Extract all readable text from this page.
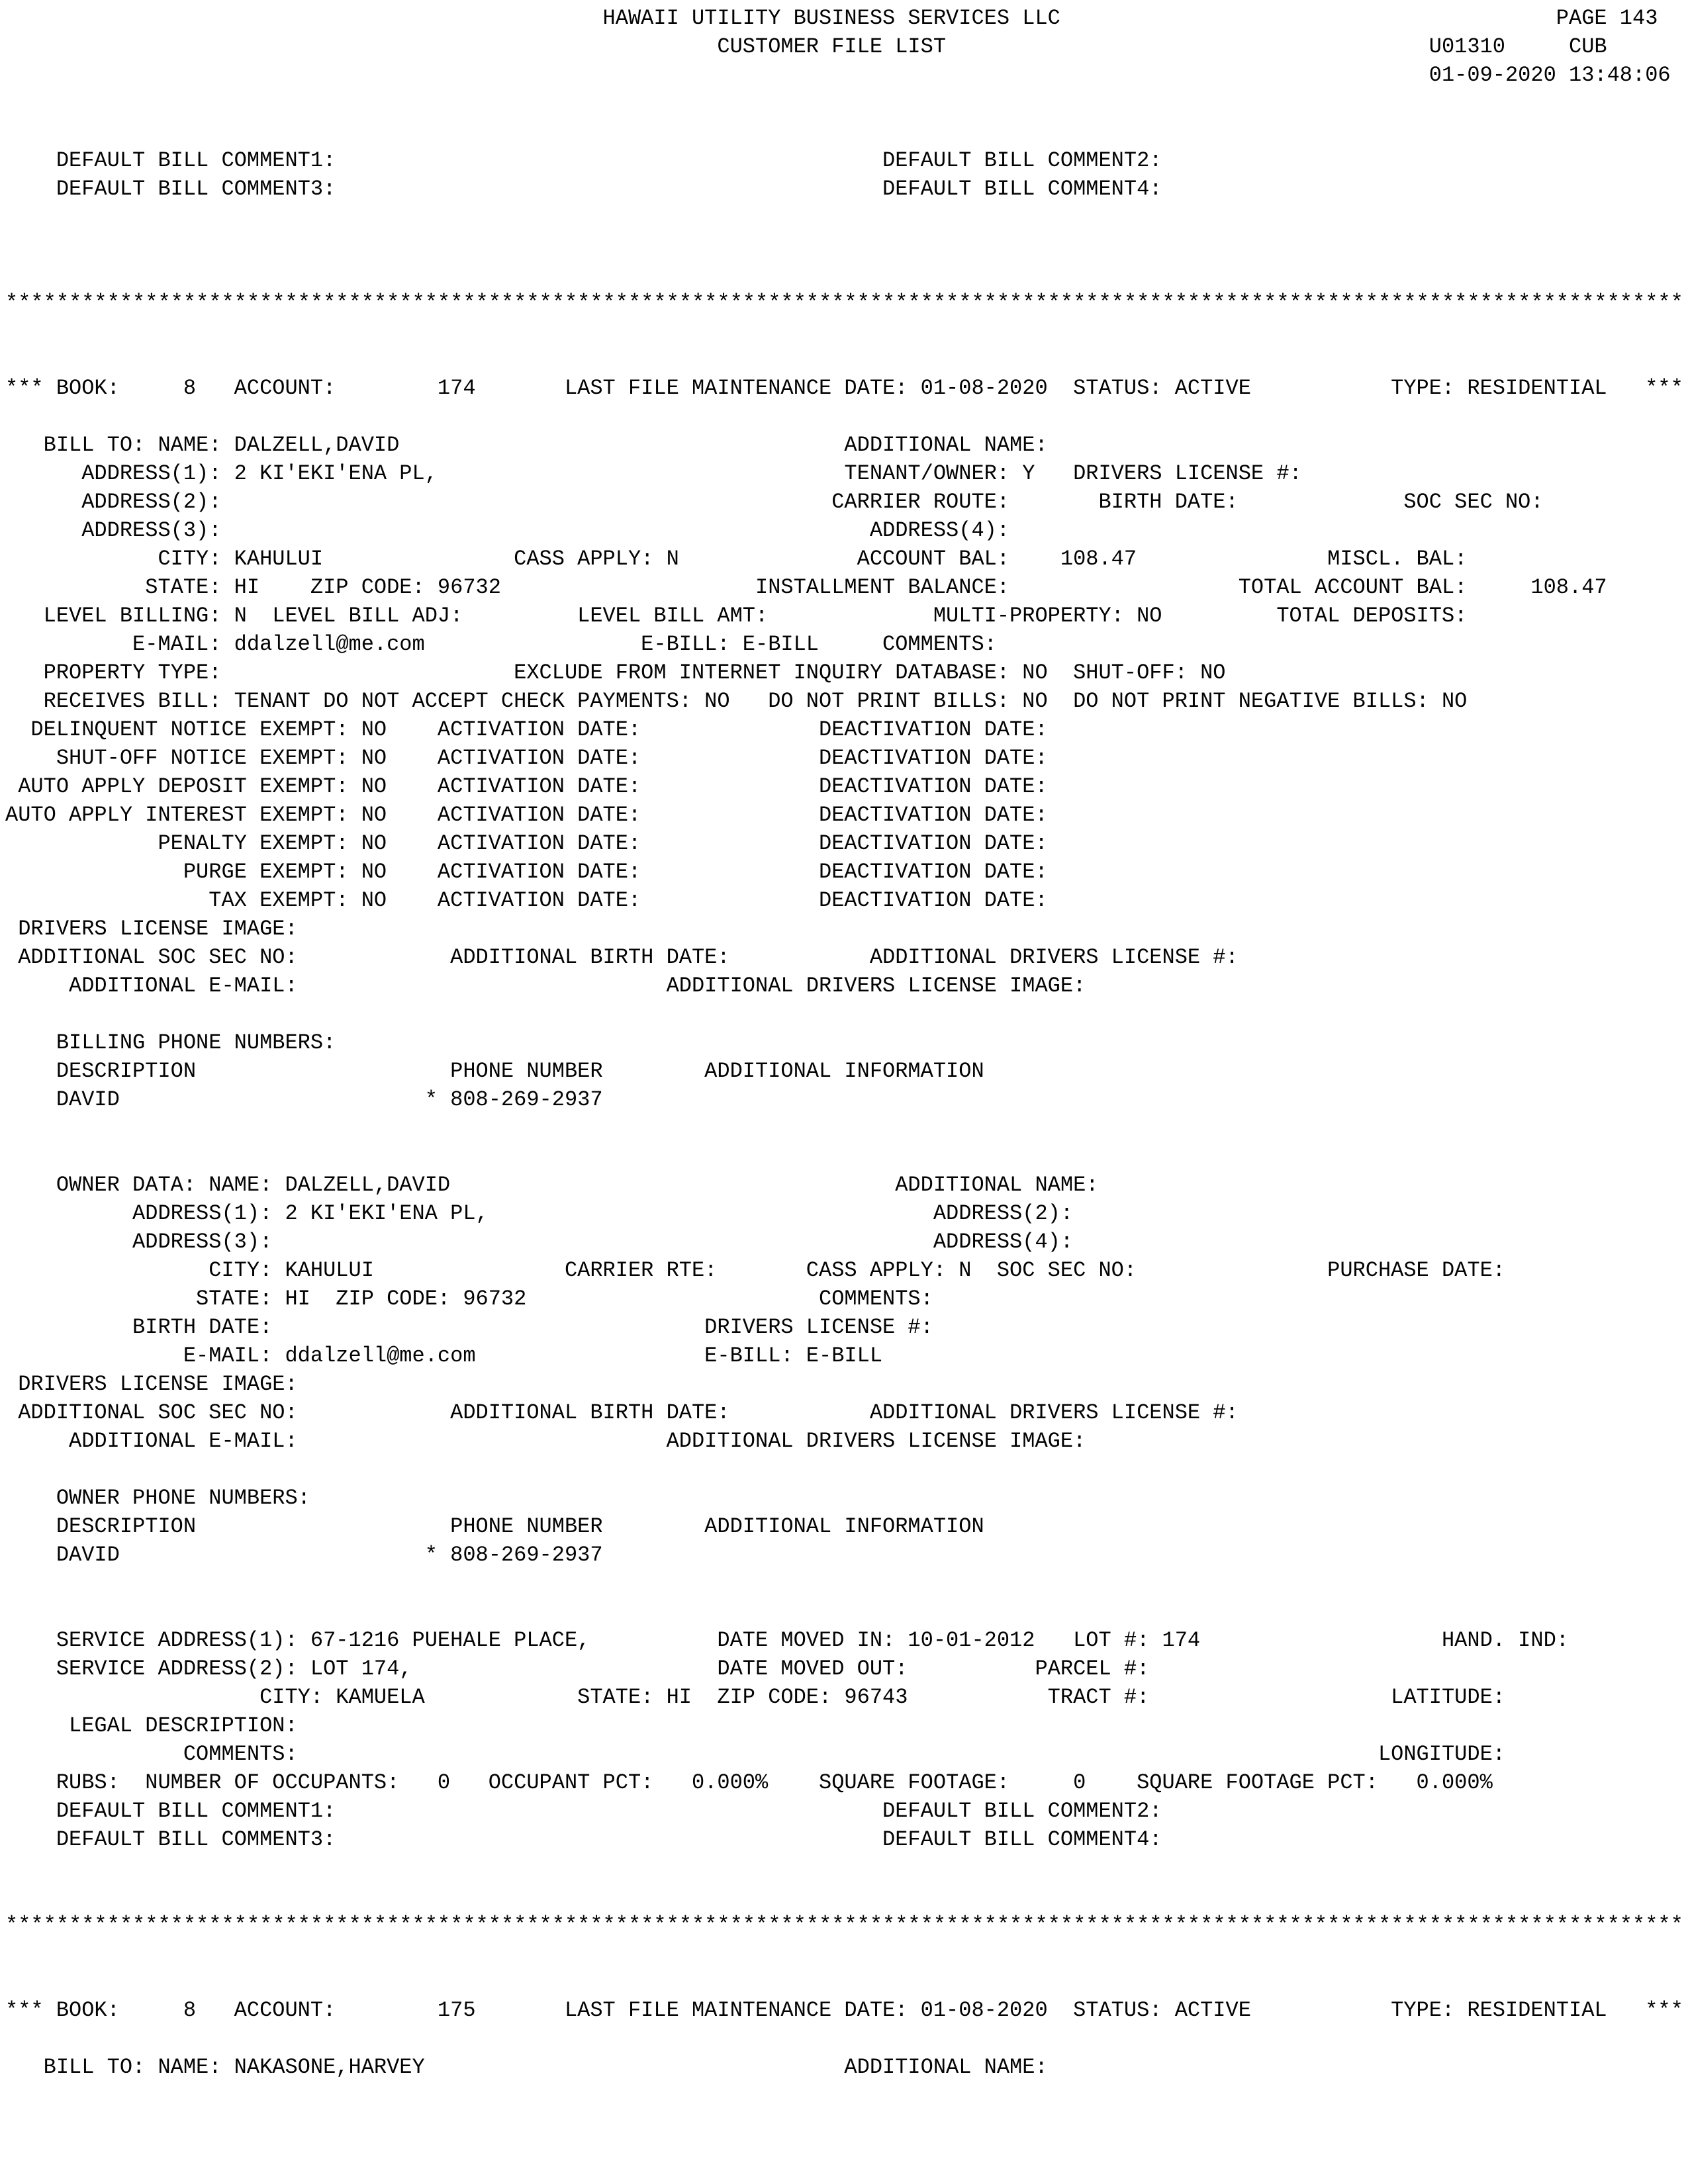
HAWAII UTILITY BUSINESS SERVICES LLC                                       PAGE 143
CUSTOMER FILE LIST                                      U01310     CUB
01-09-2020 13:48:06

DEFAULT BILL COMMENT1:                                           DEFAULT BILL COMMENT2:
DEFAULT BILL COMMENT3:                                           DEFAULT BILL COMMENT4:

************************************************************************************************************************************

*** BOOK:     8   ACCOUNT:        174       LAST FILE MAINTENANCE DATE: 01-08-2020  STATUS: ACTIVE           TYPE: RESIDENTIAL   ***

BILL TO: NAME: DALZELL,DAVID                                   ADDITIONAL NAME:
ADDRESS(1): 2 KI'EKI'ENA PL,                                TENANT/OWNER: Y   DRIVERS LICENSE #:
ADDRESS(2):                                                CARRIER ROUTE:       BIRTH DATE:             SOC SEC NO:
ADDRESS(3):                                                   ADDRESS(4):
CITY: KAHULUI               CASS APPLY: N              ACCOUNT BAL:    108.47               MISCL. BAL:
STATE: HI    ZIP CODE: 96732                    INSTALLMENT BALANCE:                  TOTAL ACCOUNT BAL:     108.47
LEVEL BILLING: N  LEVEL BILL ADJ:         LEVEL BILL AMT:             MULTI-PROPERTY: NO         TOTAL DEPOSITS:
E-MAIL: ddalzell@me.com                 E-BILL: E-BILL     COMMENTS:
PROPERTY TYPE:                       EXCLUDE FROM INTERNET INQUIRY DATABASE: NO  SHUT-OFF: NO
RECEIVES BILL: TENANT DO NOT ACCEPT CHECK PAYMENTS: NO   DO NOT PRINT BILLS: NO  DO NOT PRINT NEGATIVE BILLS: NO
DELINQUENT NOTICE EXEMPT: NO    ACTIVATION DATE:              DEACTIVATION DATE:
SHUT-OFF NOTICE EXEMPT: NO    ACTIVATION DATE:              DEACTIVATION DATE:
AUTO APPLY DEPOSIT EXEMPT: NO    ACTIVATION DATE:              DEACTIVATION DATE:
AUTO APPLY INTEREST EXEMPT: NO    ACTIVATION DATE:              DEACTIVATION DATE:
PENALTY EXEMPT: NO    ACTIVATION DATE:              DEACTIVATION DATE:
PURGE EXEMPT: NO    ACTIVATION DATE:              DEACTIVATION DATE:
TAX EXEMPT: NO    ACTIVATION DATE:              DEACTIVATION DATE:
DRIVERS LICENSE IMAGE:
ADDITIONAL SOC SEC NO:            ADDITIONAL BIRTH DATE:           ADDITIONAL DRIVERS LICENSE #:
ADDITIONAL E-MAIL:                             ADDITIONAL DRIVERS LICENSE IMAGE:

BILLING PHONE NUMBERS:
DESCRIPTION                    PHONE NUMBER        ADDITIONAL INFORMATION
DAVID                        * 808-269-2937

OWNER DATA: NAME: DALZELL,DAVID                                   ADDITIONAL NAME:
ADDRESS(1): 2 KI'EKI'ENA PL,                                   ADDRESS(2):
ADDRESS(3):                                                    ADDRESS(4):
CITY: KAHULUI               CARRIER RTE:       CASS APPLY: N  SOC SEC NO:               PURCHASE DATE:
STATE: HI  ZIP CODE: 96732                       COMMENTS:
BIRTH DATE:                                  DRIVERS LICENSE #:
E-MAIL: ddalzell@me.com                  E-BILL: E-BILL
DRIVERS LICENSE IMAGE:
ADDITIONAL SOC SEC NO:            ADDITIONAL BIRTH DATE:           ADDITIONAL DRIVERS LICENSE #:
ADDITIONAL E-MAIL:                             ADDITIONAL DRIVERS LICENSE IMAGE:

OWNER PHONE NUMBERS:
DESCRIPTION                    PHONE NUMBER        ADDITIONAL INFORMATION
DAVID                        * 808-269-2937

SERVICE ADDRESS(1): 67-1216 PUEHALE PLACE,          DATE MOVED IN: 10-01-2012   LOT #: 174                   HAND. IND:
SERVICE ADDRESS(2): LOT 174,                        DATE MOVED OUT:          PARCEL #:
CITY: KAMUELA            STATE: HI  ZIP CODE: 96743           TRACT #:                   LATITUDE:
LEGAL DESCRIPTION:
COMMENTS:                                                                                     LONGITUDE:
RUBS:  NUMBER OF OCCUPANTS:   0   OCCUPANT PCT:   0.000%    SQUARE FOOTAGE:     0    SQUARE FOOTAGE PCT:   0.000%
DEFAULT BILL COMMENT1:                                           DEFAULT BILL COMMENT2:
DEFAULT BILL COMMENT3:                                           DEFAULT BILL COMMENT4:

************************************************************************************************************************************

*** BOOK:     8   ACCOUNT:        175       LAST FILE MAINTENANCE DATE: 01-08-2020  STATUS: ACTIVE           TYPE: RESIDENTIAL   ***

BILL TO: NAME: NAKASONE,HARVEY                                 ADDITIONAL NAME:
